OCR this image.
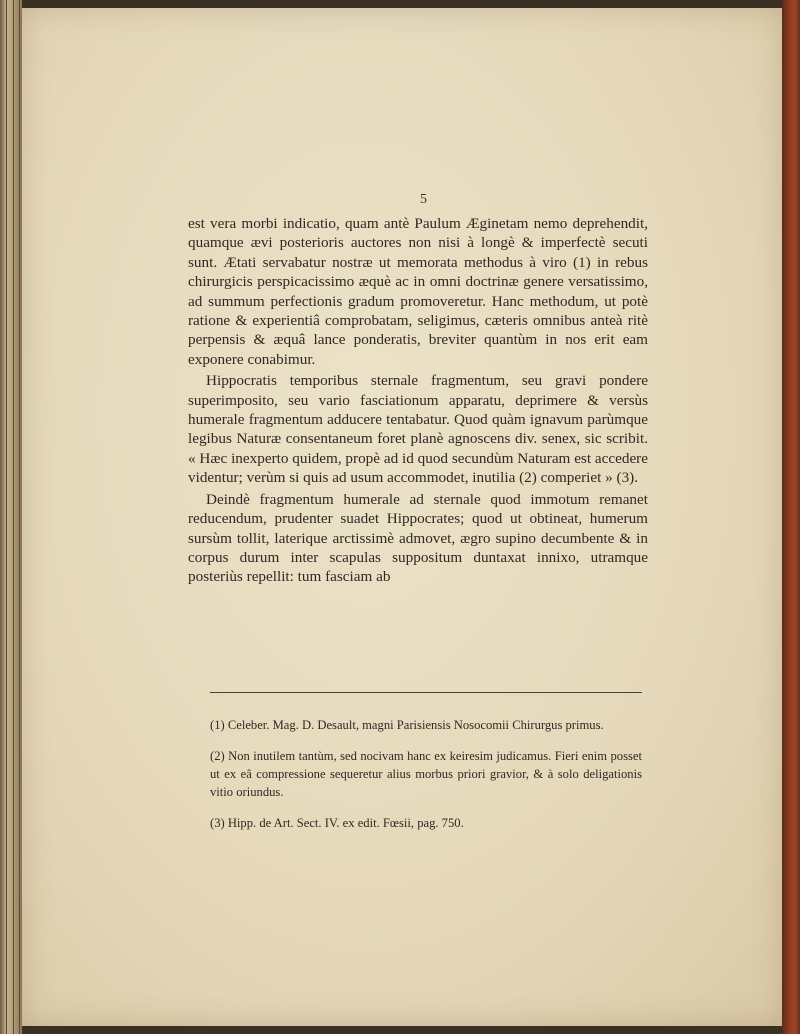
5

est vera morbi indicatio, quam antè Paulum Æginetam nemo deprehendit, quamque ævi posterioris auctores non nisi à longè & imperfectè secuti sunt. Ætati servabatur nostræ ut memorata methodus à viro (1) in rebus chirurgicis perspicacissimo æquè ac in omni doctrinæ genere versatissimo, ad summum perfectionis gradum promoveretur. Hanc methodum, ut potè ratione & experientiâ comprobatam, seligimus, cæteris omnibus anteà ritè perpensis & æquâ lance ponderatis, breviter quantùm in nos erit eam exponere conabimur.

Hippocratis temporibus sternale fragmentum, seu gravi pondere superimposito, seu vario fasciationum apparatu, deprimere & versùs humerale fragmentum adducere tentabatur. Quod quàm ignavum parùmque legibus Naturæ consentaneum foret planè agnoscens div. senex, sic scribit. « Hæc inexperto quidem, propè ad id quod secundùm Naturam est accedere videntur; verùm si quis ad usum accommodet, inutilia (2) comperiet » (3).

Deindè fragmentum humerale ad sternale quod immotum remanet reducendum, prudenter suadet Hippocrates; quod ut obtineat, humerum sursùm tollit, laterique arctissimè admovet, ægro supino decumbente & in corpus durum inter scapulas suppositum duntaxat innixo, utramque posteriùs repellit: tum fasciam ab

(1) Celeber. Mag. D. Desault, magni Parisiensis Nosocomii Chirurgus primus.

(2) Non inutilem tantùm, sed nocivam hanc ex keiresim judicamus. Fieri enim posset ut ex eâ compressione sequeretur alius morbus priori gravior, & à solo deligationis vitio oriundus.

(3) Hipp. de Art. Sect. IV. ex edit. Fœsii, pag. 750.
